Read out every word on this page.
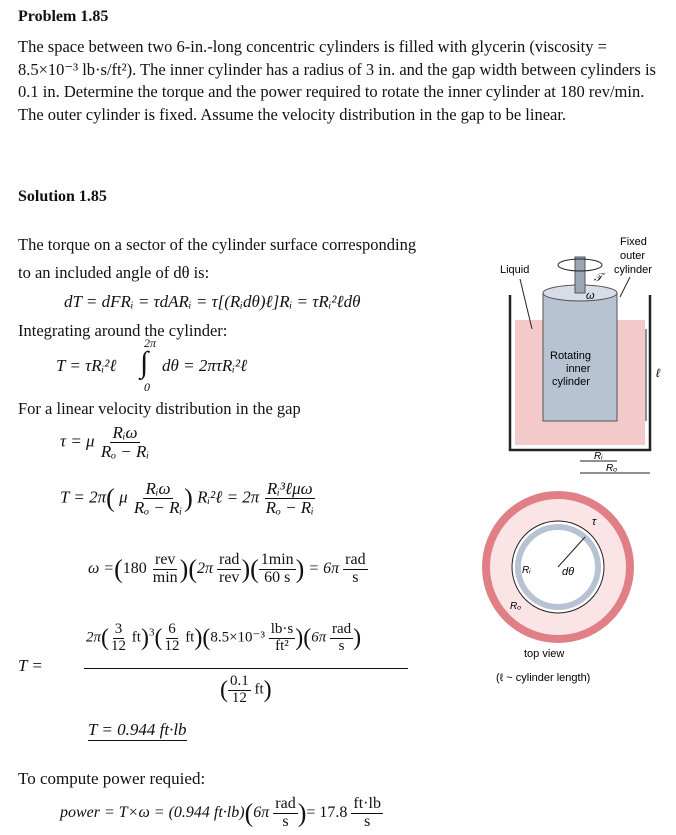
Problem 1.85
The space between two 6-in.-long concentric cylinders is filled with glycerin (viscosity = 8.5×10⁻³ lb·s/ft²). The inner cylinder has a radius of 3 in. and the gap width between cylinders is 0.1 in. Determine the torque and the power required to rotate the inner cylinder at 180 rev/min. The outer cylinder is fixed. Assume the velocity distribution in the gap to be linear.
Solution 1.85
The torque on a sector of the cylinder surface corresponding
to an included angle of dθ is:
dT = dFRᵢ = τdARᵢ = τ[(Rᵢdθ)ℓ]Rᵢ = τRᵢ²ℓdθ
Integrating around the cylinder:
T = τRᵢ²ℓ
2π
∫
0
dθ = 2πτRᵢ²ℓ
For a linear velocity distribution in the gap
τ = μ Rᵢω
Rₒ − Rᵢ
T = 2π( μ Rᵢω
Rₒ − Rᵢ ) Rᵢ²ℓ = 2π Rᵢ³ℓμω
Rₒ − Rᵢ
ω =(180
rev
min )(2π
rad
rev )( 1min
60 s ) = 6π
rad
s
T =
$2\pi( \frac{3}{12} ft)^3( \frac{6}{12} ft)(8.5\times 10^{-3} \frac{lb\cdot s}{\text{ft²}} )(6\pi$
rad
s )
( $\frac{0.1}{12} ft$)
T = 0.944 ft·lb
To compute power requied:
power = T×ω = (0.944 ft·lb)(6π
rad
s )= $17.8 \frac{ft\cdot lb}{s}$
Liquid
Fixed
outer
cylinder
𝒯
ω
Rotating
inner
cylinder
ℓ
Rᵢ
Rₒ
Rᵢ
Rₒ
dθ
τ
top view
(ℓ ~ cylinder length)
